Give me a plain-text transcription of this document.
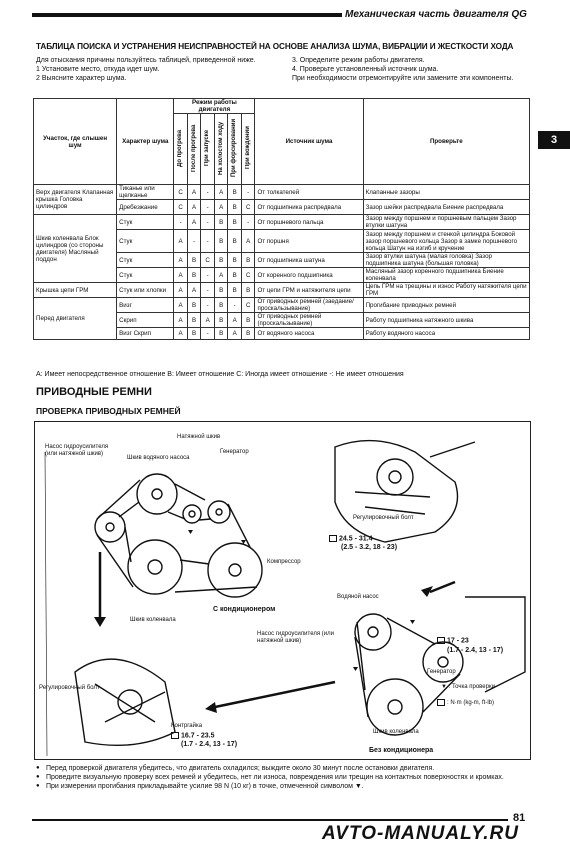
Механическая часть двигателя QG
ТАБЛИЦА ПОИСКА И УСТРАНЕНИЯ НЕИСПРАВНОСТЕЙ НА ОСНОВЕ АНАЛИЗА ШУМА, ВИБРАЦИИ И ЖЕСТКОСТИ ХОДА
Для отыскания причины пользуйтесь таблицей, приведенной ниже.
1 Установите место, откуда идет шум.
2 Выясните характер шума.
3. Определите режим работы двигателя.
4. Проверьте установленный источник шума.
При необходимости отремонтируйте или замените эти компоненты.
3
Участок, где слышен шум	Характер шума	Режим работы двигателя						Источник шума	Проверьте
		До прогрева	После прогрева	При запуске	На холостом ходу	При форсировании	При вождении		
Верх двигателя Клапанная крышка Головка цилиндров	Тиканье или щелканье	C	A	-	A	B	-	От толкателей	Клапанные зазоры
	Дребезжание	C	A	-	A	B	C	От подшипника распредвала	Зазор шейки распредвала Биение распредвала
Шкив коленвала Блок цилиндров (со стороны двигателя) Масляный поддон	Стук	-	A	-	B	B	-	От поршневого пальца	Зазор между поршнем и поршневым пальцем Зазор втулки шатуна
	Стук	A	-	-	B	B	A	От поршня	Зазор между поршнем и стенкой цилиндра Боковой зазор поршневого кольца Зазор в замке поршневого кольца Шатун на изгиб и кручение
	Стук	A	B	C	B	B	B	От подшипника шатуна	Зазор втулки шатуна (малая головка) Зазор подшипника шатуна (большая головка)
	Стук	A	B	-	A	B	C	От коренного подшипника	Масляный зазор коренного подшипника Биение коленвала
Крышка цепи ГРМ	Стук или хлопки	A	A	-	B	B	B	От цепи ГРМ и натяжителя цепи	Цепь ГРМ на трещины и износ Работу натяжителя цепи ГРМ
Перед двигателя	Визг	A	B	-	B	-	C	От приводных ремней (заедание/проскальзывание)	Прогибание приводных ремней
	Скрип	A	B	A	B	A	B	От приводных ремней (проскальзывание)	Работу подшипника натяжного шкива
	Визг Скрип	A	B	-	B	A	B	От водяного насоса	Работу водяного насоса
A: Имеет непосредственное отношение B: Имеет отношение C: Иногда имеет отношение -: Не имеет отношения
ПРИВОДНЫЕ РЕМНИ
ПРОВЕРКА ПРИВОДНЫХ РЕМНЕЙ
Натяжной шкив
Шкив водяного насоса
Генератор
Насос гидроусилителя (или натяжной шкив)
Компрессор
Шкив коленвала
С кондиционером
Регулировочный болт
24.5 - 31.4
(2.5 - 3.2, 18 - 23)
Водяной насос
Насос гидроусилителя (или натяжной шкив)	17 - 23
(1.7 - 2.4, 13 - 17)
Генератор
▼ : Точка проверки
: N·m (kg-m, ft-lb)
Регулировочный болт
Контргайка
16.7 - 23.5
(1.7 - 2.4, 13 - 17)
Шкив коленвала
Без кондиционера
● Перед проверкой двигателя убедитесь, что двигатель охладился; выждите около 30 минут после остановки двигателя.
● Проведите визуальную проверку всех ремней и убедитесь, нет ли износа, повреждения или трещин на контактных поверхностях и кромках.
● При измерении прогибания прикладывайте усилие 98 N (10 кг) в точке, отмеченной символом ▼.
81
AVTO-MANUALY.RU
